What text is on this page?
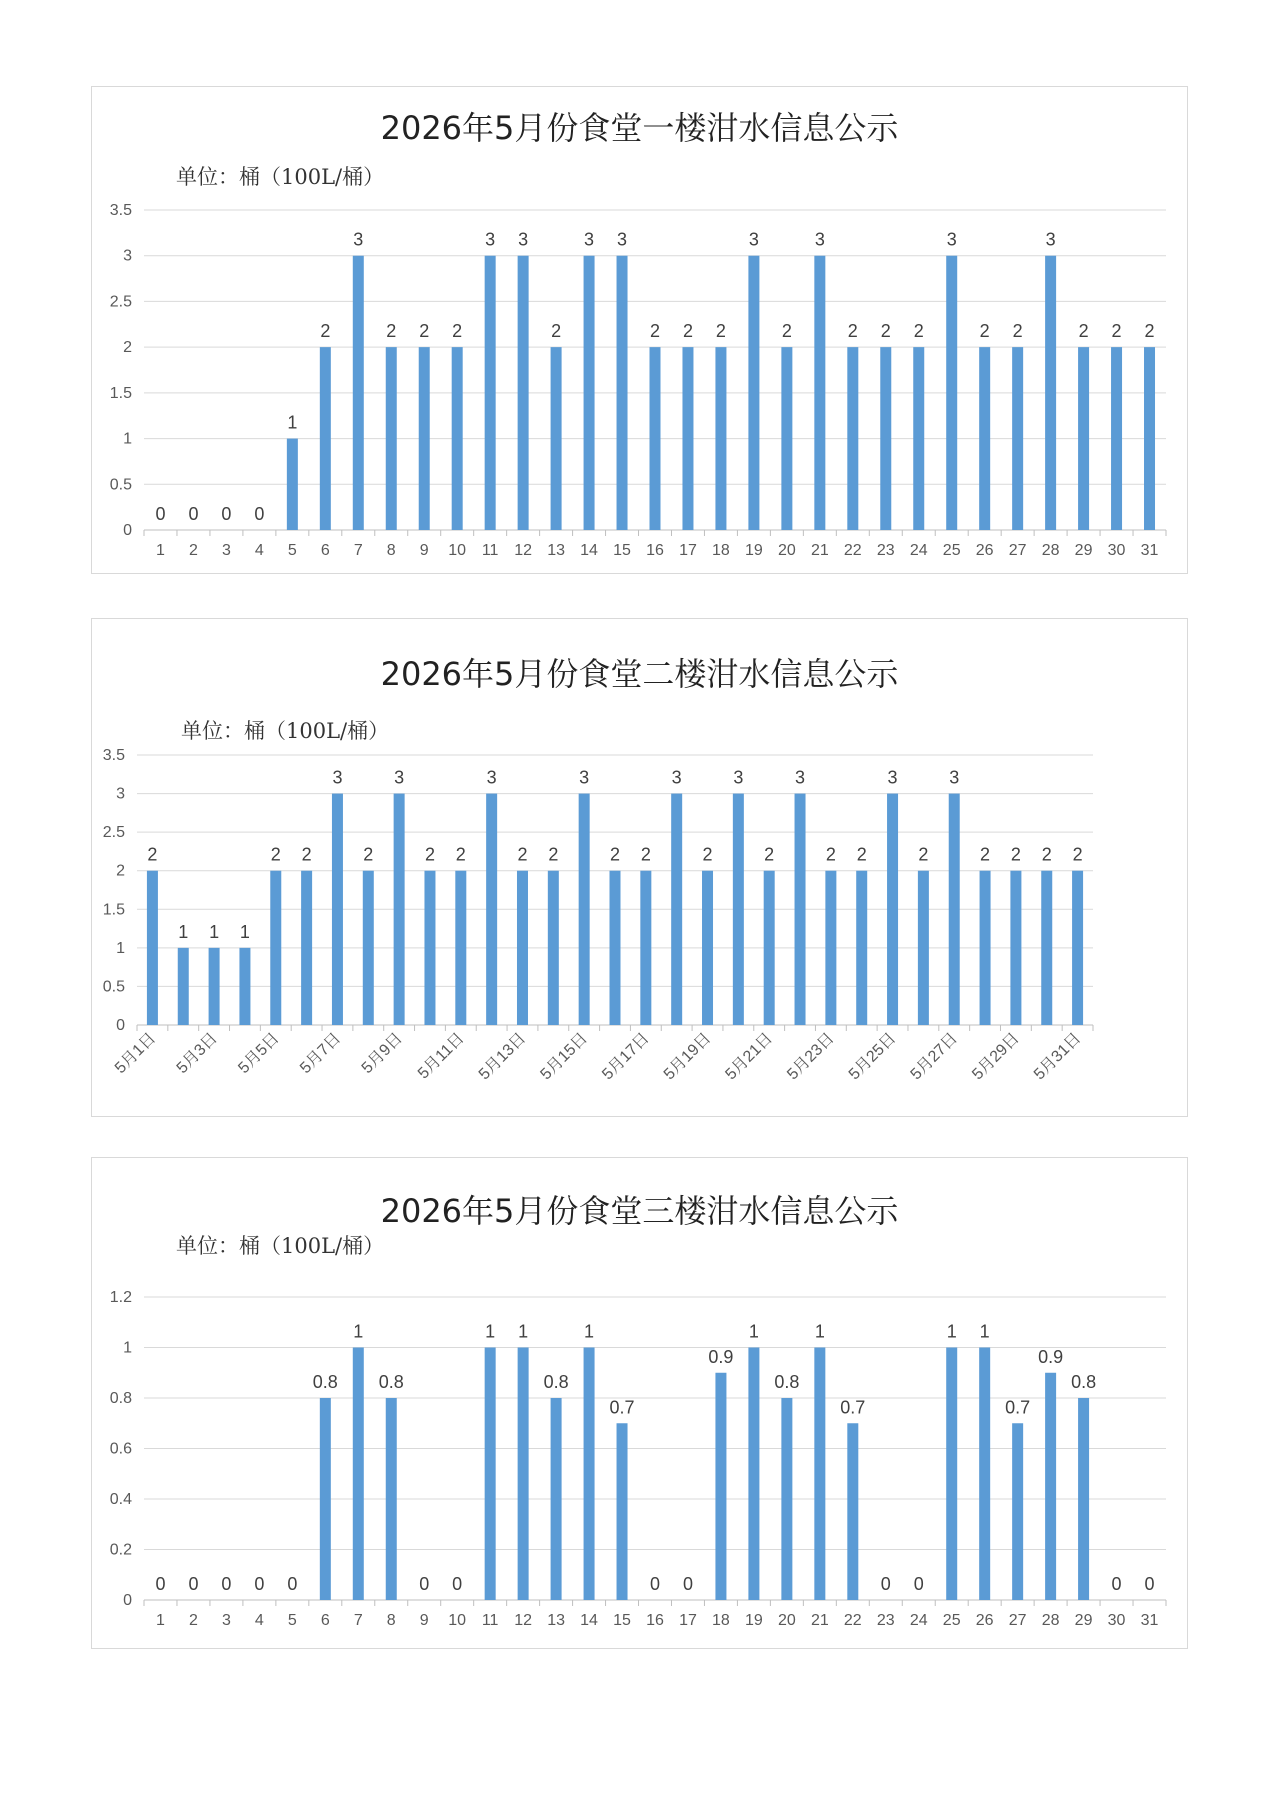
2026年5月份食堂一楼泔水信息公示
单位：桶（100L/桶）
0
0.5
1
1.5
2
2.5
3
3.5
0
1
0
2
0
3
0
4
1
5
2
6
3
7
2
8
2
9
2
10
3
11
3
12
2
13
3
14
3
15
2
16
2
17
2
18
3
19
2
20
3
21
2
22
2
23
2
24
3
25
2
26
2
27
3
28
2
29
2
30
2
31
2026年5月份食堂二楼泔水信息公示
单位：桶（100L/桶）
0
0.5
1
1.5
2
2.5
3
3.5
2
5月1日
1 1
5月3日
1
2
5月5日
2
3
5月7日
2
3
5月9日
2 2
5月11日
3
2
5月13日
2
3
5月15日
2 2
5月17日
3
2
5月19日
3
2
5月21日
3
2
5月23日
2
3
5月25日
2
3
5月27日
2 2
5月29日
2 2
5月31日
2026年5月份食堂三楼泔水信息公示
单位：桶（100L/桶）
0
0.2
0.4
0.6
0.8
1
1.2
0
1
0
2
0
3
0
4
0
5
0.8
6
1
7
0.8
8
0
9
0
10
1
11
1
12
0.8
13
1
14
0.7
15
0
16
0
17
0.9
18
1
19
0.8
20
1
21
0.7
22
0
23
0
24
1
25
1
26
0.7
27
0.9
28
0.8
29
0
30
0
31
